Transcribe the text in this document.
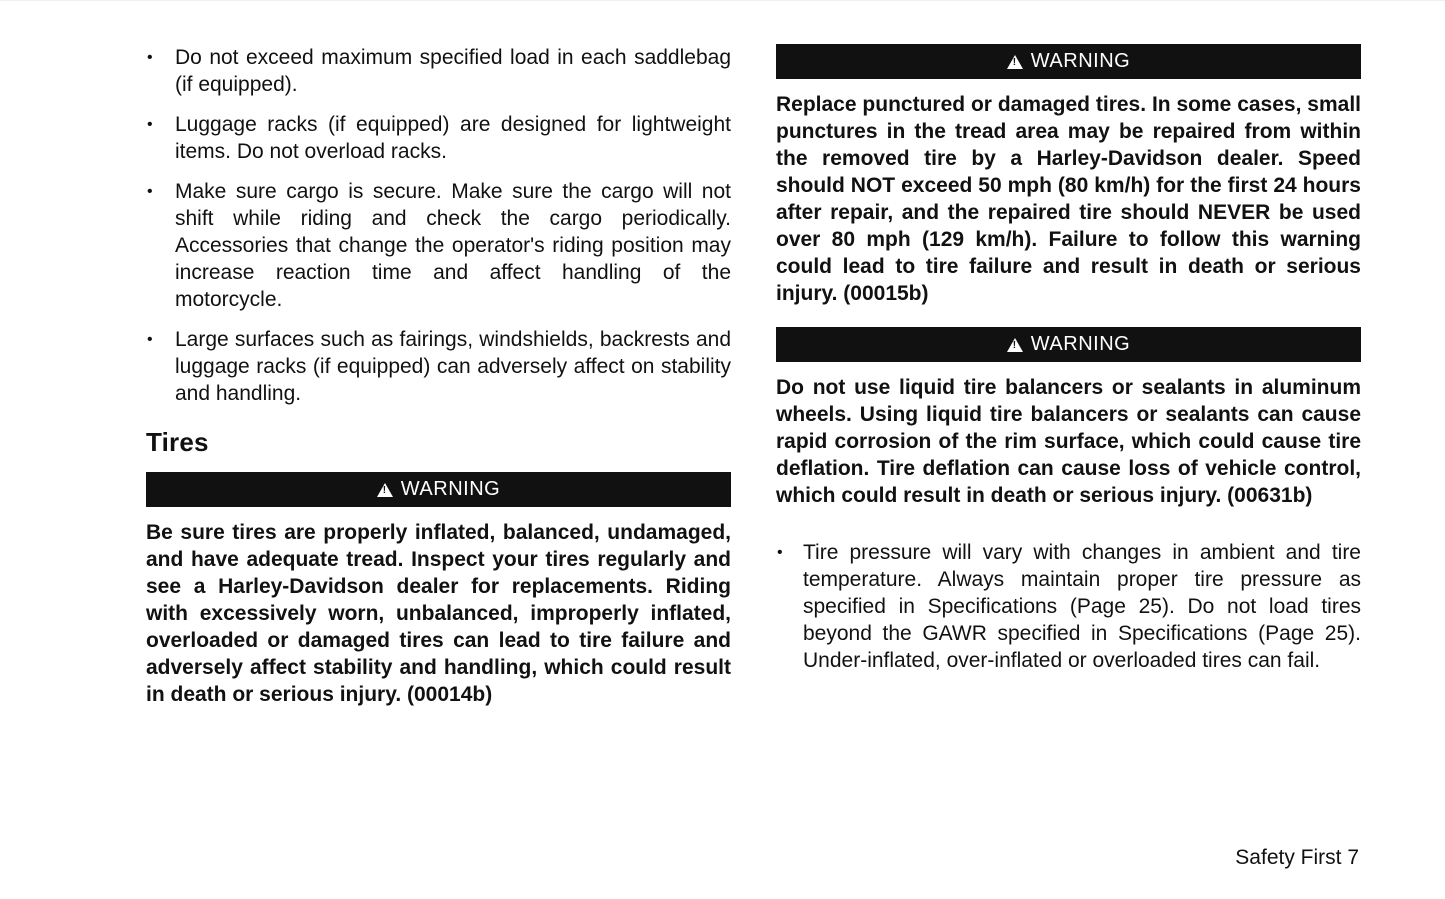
• Do not exceed maximum specified load in each saddlebag (if equipped).
• Luggage racks (if equipped) are designed for lightweight items. Do not overload racks.
• Make sure cargo is secure. Make sure the cargo will not shift while riding and check the cargo periodically. Accessories that change the operator's riding position may increase reaction time and affect handling of the motorcycle.
• Large surfaces such as fairings, windshields, backrests and luggage racks (if equipped) can adversely affect on stability and handling.
Tires
!
WARNING
Be sure tires are properly inflated, balanced, undamaged, and have adequate tread. Inspect your tires regularly and see a Harley-Davidson dealer for replacements. Riding with excessively worn, unbalanced, improperly inflated, overloaded or damaged tires can lead to tire failure and adversely affect stability and handling, which could result in death or serious injury. (00014b)
!
WARNING
Replace punctured or damaged tires. In some cases, small punctures in the tread area may be repaired from within the removed tire by a Harley-Davidson dealer. Speed should NOT exceed 50 mph (80 km/h) for the first 24 hours after repair, and the repaired tire should NEVER be used over 80 mph (129 km/h). Failure to follow this warning could lead to tire failure and result in death or serious injury. (00015b)
!
WARNING
Do not use liquid tire balancers or sealants in aluminum wheels. Using liquid tire balancers or sealants can cause rapid corrosion of the rim surface, which could cause tire deflation. Tire deflation can cause loss of vehicle control, which could result in death or serious injury. (00631b)
• Tire pressure will vary with changes in ambient and tire temperature. Always maintain proper tire pressure as specified in Specifications (Page 25). Do not load tires beyond the GAWR specified in Specifications (Page 25). Under-inflated, over-inflated or overloaded tires can fail.
Safety First 7
